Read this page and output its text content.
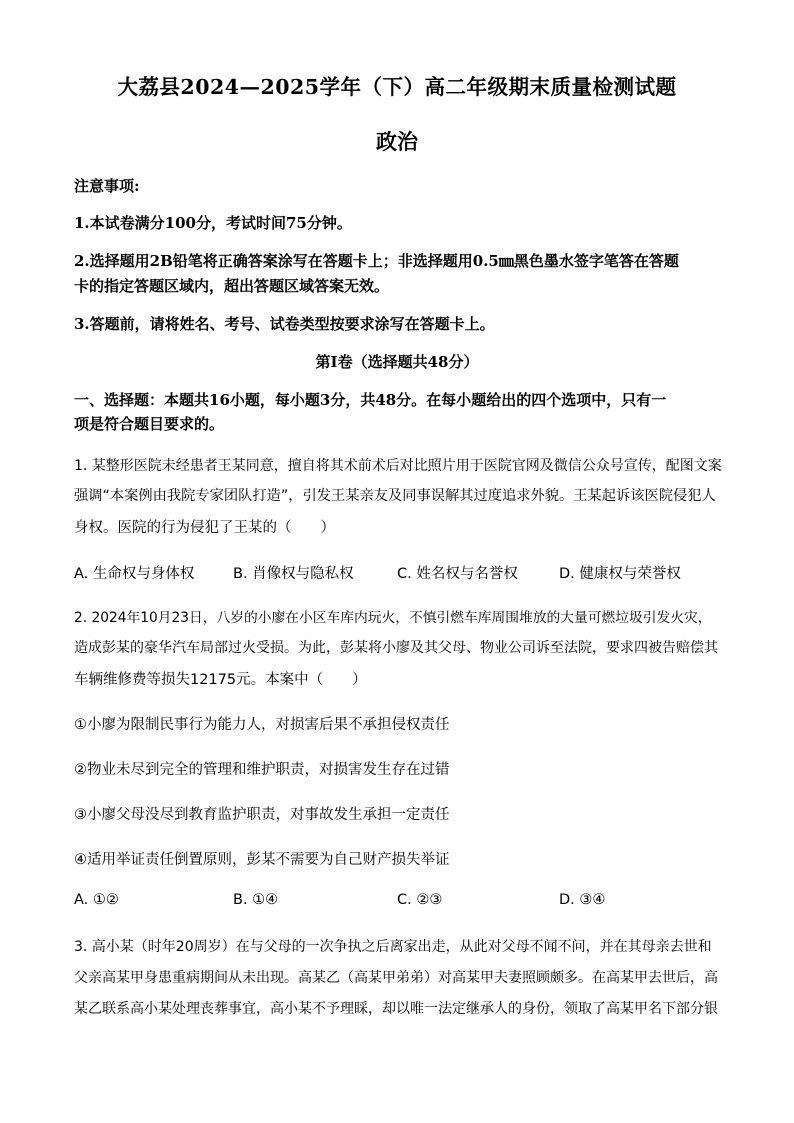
大荔县2024—2025学年（下）高二年级期末质量检测试题
政治
注意事项:
1.本试卷满分100分，考试时间75分钟。
2.选择题用2B铅笔将正确答案涂写在答题卡上；非选择题用0.5㎜黑色墨水签字笔答在答题
卡的指定答题区域内，超出答题区域答案无效。
3.答题前，请将姓名、考号、试卷类型按要求涂写在答题卡上。
第Ⅰ卷（选择题共48分）
一、选择题：本题共16小题，每小题3分，共48分。在每小题给出的四个选项中，只有一
项是符合题目要求的。
1. 某整形医院未经患者王某同意，擅自将其术前术后对比照片用于医院官网及微信公众号宣传，配图文案
强调“本案例由我院专家团队打造”，引发王某亲友及同事误解其过度追求外貌。王某起诉该医院侵犯人
身权。医院的行为侵犯了王某的（　　）
A. 生命权与身体权	B. 肖像权与隐私权	C. 姓名权与名誉权	D. 健康权与荣誉权
2. 2024年10月23日，八岁的小廖在小区车库内玩火，不慎引燃车库周围堆放的大量可燃垃圾引发火灾，
造成彭某的豪华汽车局部过火受损。为此，彭某将小廖及其父母、物业公司诉至法院，要求四被告赔偿其
车辆维修费等损失12175元。本案中（　　）
①小廖为限制民事行为能力人，对损害后果不承担侵权责任
②物业未尽到完全的管理和维护职责，对损害发生存在过错
③小廖父母没尽到教育监护职责，对事故发生承担一定责任
④适用举证责任倒置原则，彭某不需要为自己财产损失举证
A. ①②	B. ①④	C. ②③	D. ③④
3. 高小某（时年20周岁）在与父母的一次争执之后离家出走，从此对父母不闻不问，并在其母亲去世和
父亲高某甲身患重病期间从未出现。高某乙（高某甲弟弟）对高某甲夫妻照顾颇多。在高某甲去世后，高
某乙联系高小某处理丧葬事宜，高小某不予理睬，却以唯一法定继承人的身份，领取了高某甲名下部分银
